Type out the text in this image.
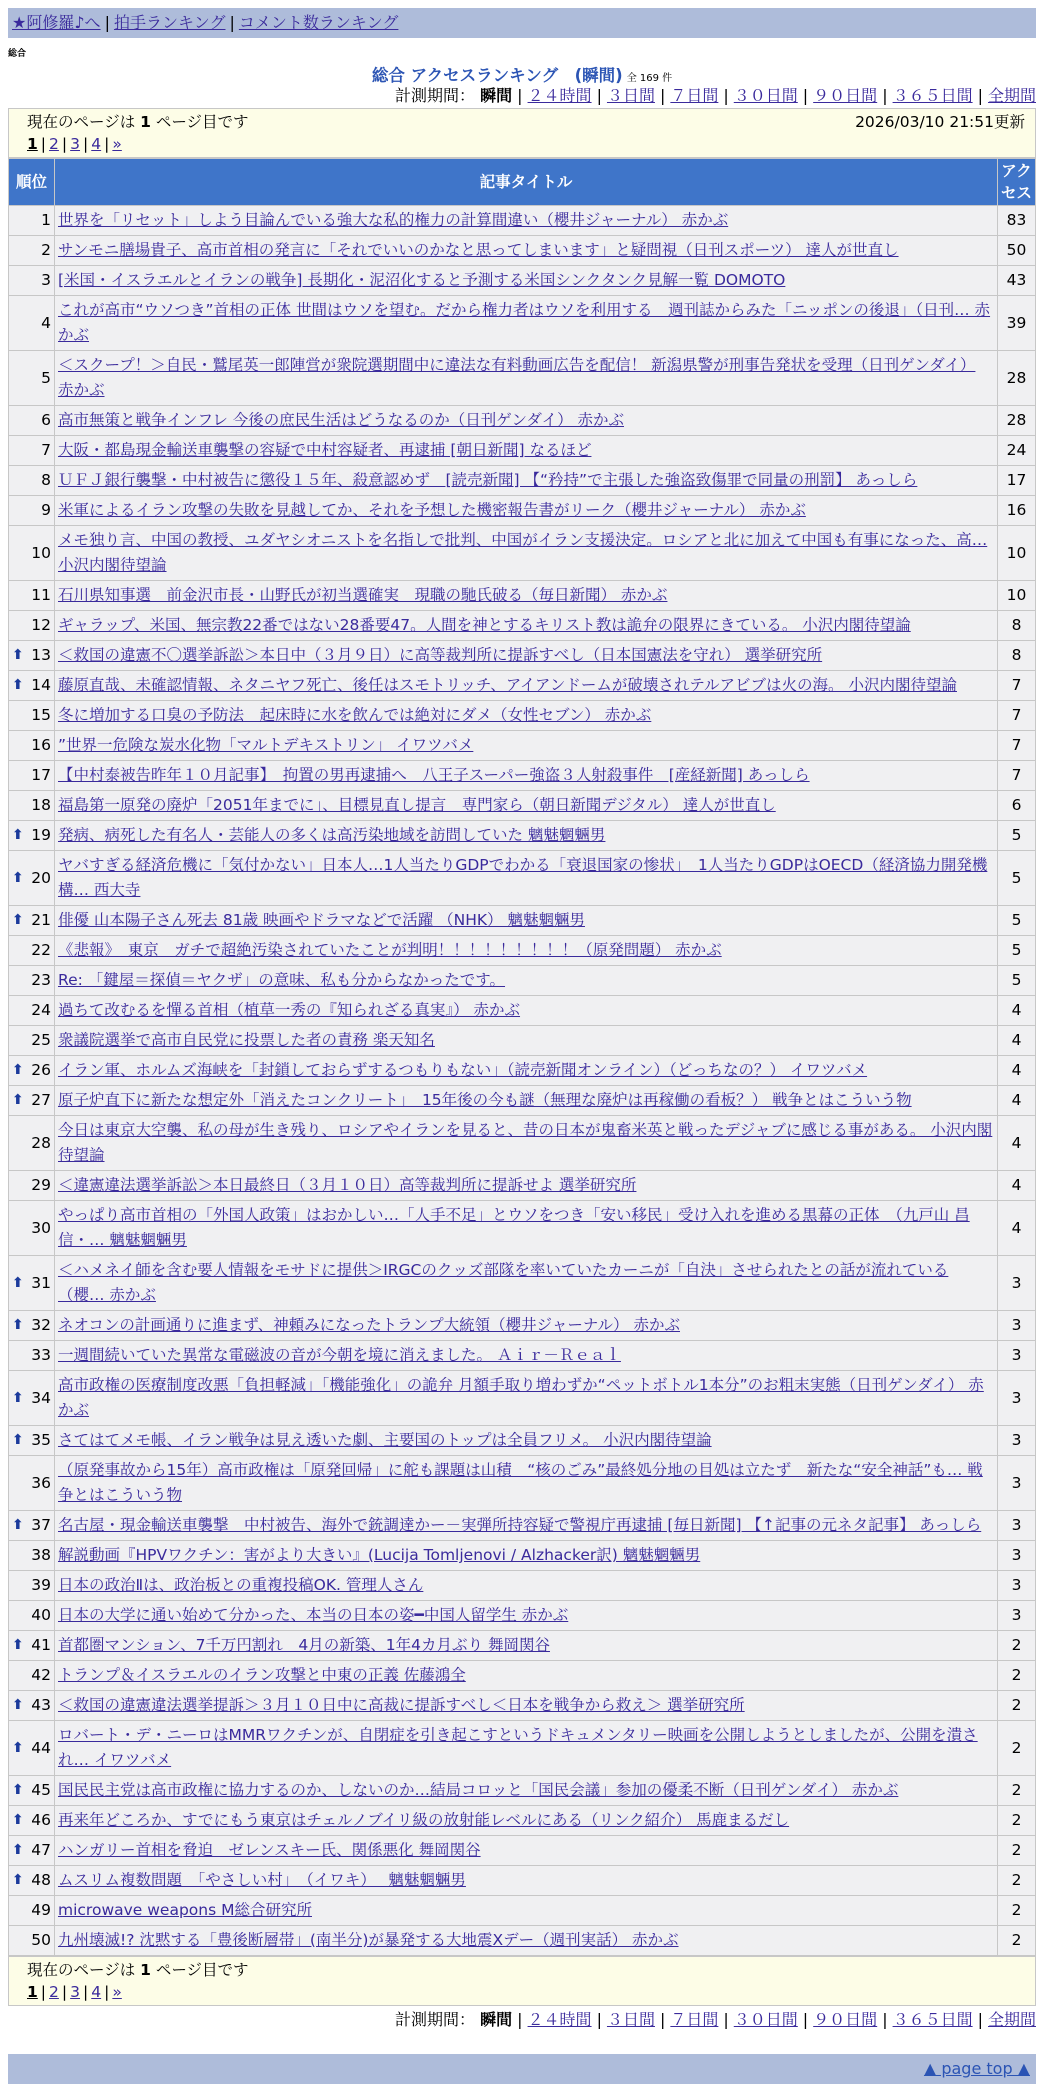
★阿修羅♪へ | 拍手ランキング | コメント数ランキング
総合
総合 アクセスランキング　(瞬間) 全 169 件
計測期間： 瞬間 | ２４時間 | ３日間 | ７日間 | ３０日間 | ９０日間 | ３６５日間 | 全期間
現在のページは 1 ページ目です	2026/03/10 21:51更新
1 | 2 | 3 | 4 | »
順位	記事タイトル	アクセス
1	世界を「リセット」しよう目論んでいる強大な私的権力の計算間違い（櫻井ジャーナル） 赤かぶ	83
2	サンモニ膳場貴子、高市首相の発言に「それでいいのかなと思ってしまいます」と疑問視（日刊スポーツ） 達人が世直し	50
3	[米国・イスラエルとイランの戦争] 長期化・泥沼化すると予測する米国シンクタンク見解一覧 DOMOTO	43
4	これが高市“ウソつき”首相の正体 世間はウソを望む。だから権力者はウソを利用する　週刊誌からみた「ニッポンの後退」（日刊… 赤かぶ	39
5	＜スクープ！＞自民・鷲尾英一郎陣営が衆院選期間中に違法な有料動画広告を配信！ 新潟県警が刑事告発状を受理（日刊ゲンダイ） 赤かぶ	28
6	高市無策と戦争インフレ 今後の庶民生活はどうなるのか（日刊ゲンダイ） 赤かぶ	28
7	大阪・都島現金輸送車襲撃の容疑で中村容疑者、再逮捕 [朝日新聞] なるほど	24
8	ＵＦＪ銀行襲撃・中村被告に懲役１５年、殺意認めず　[読売新聞] 【“矜持”で主張した強盗致傷罪で同量の刑罰】 あっしら	17
9	米軍によるイラン攻撃の失敗を見越してか、それを予想した機密報告書がリーク（櫻井ジャーナル） 赤かぶ	16
10	メモ独り言、中国の教授、ユダヤシオニストを名指しで批判、中国がイラン支援決定。ロシアと北に加えて中国も有事になった、高… 小沢内閣待望論	10
11	石川県知事選　前金沢市長・山野氏が初当選確実　現職の馳氏破る（毎日新聞） 赤かぶ	10
12	ギャラップ、米国、無宗教22番ではない28番要47。人間を神とするキリスト教は詭弁の限界にきている。 小沢内閣待望論	8

⬆ 13	＜救国の違憲不〇選挙訴訟＞本日中（３月９日）に高等裁判所に提訴すべし（日本国憲法を守れ） 選挙研究所	8

⬆ 14	藤原直哉、未確認情報、ネタニヤフ死亡、後任はスモトリッチ、アイアンドームが破壊されテルアビブは火の海。 小沢内閣待望論	7
15	冬に増加する口臭の予防法　起床時に水を飲んでは絶対にダメ（女性セブン） 赤かぶ	7
16	”世界一危険な炭水化物「マルトデキストリン」 イワツバメ	7
17	【中村泰被告昨年１０月記事】　拘置の男再逮捕へ　八王子スーパー強盗３人射殺事件　[産経新聞] あっしら	7
18	福島第一原発の廃炉「2051年までに」、目標見直し提言　専門家ら（朝日新聞デジタル） 達人が世直し	6

⬆ 19	発病、病死した有名人・芸能人の多くは高汚染地域を訪問していた 魑魅魍魎男	5

⬆ 20	ヤバすぎる経済危機に「気付かない」日本人…1人当たりGDPでわかる「衰退国家の惨状」　1人当たりGDPはOECD（経済協力開発機構… 西大寺	5

⬆ 21	俳優 山本陽子さん死去 81歳 映画やドラマなどで活躍 （NHK） 魑魅魍魎男	5
22	《悲報》　東京　ガチで超絶汚染されていたことが判明！！！！！！！！！（原発問題） 赤かぶ	5
23	Re: 「鍵屋＝探偵＝ヤクザ」の意味、私も分からなかったです。	5
24	過ちて改むるを憚る首相（植草一秀の『知られざる真実』） 赤かぶ	4
25	衆議院選挙で高市自民党に投票した者の責務 楽天知名	4

⬆ 26	イラン軍、ホルムズ海峡を「封鎖しておらずするつもりもない」（読売新聞オンライン）（どっちなの？） イワツバメ	4

⬆ 27	原子炉直下に新たな想定外「消えたコンクリート」　15年後の今も謎（無理な廃炉は再稼働の看板？） 戦争とはこういう物	4
28	今日は東京大空襲、私の母が生き残り、ロシアやイランを見ると、昔の日本が鬼畜米英と戦ったデジャブに感じる事がある。 小沢内閣待望論	4
29	＜違憲違法選挙訴訟＞本日最終日（３月１０日）高等裁判所に提訴せよ 選挙研究所	4
30	やっぱり高市首相の「外国人政策」はおかしい…「人手不足」とウソをつき「安い移民」受け入れを進める黒幕の正体　（九戸山 昌信・… 魑魅魍魎男	4

⬆ 31	＜ハメネイ師を含む要人情報をモサドに提供＞IRGCのクッズ部隊を率いていたカーニが「自決」させられたとの話が流れている（櫻… 赤かぶ	3

⬆ 32	ネオコンの計画通りに進まず、神頼みになったトランプ大統領（櫻井ジャーナル） 赤かぶ	3
33	一週間続いていた異常な電磁波の音が今朝を境に消えました。 Ａｉｒ－Ｒｅａｌ	3

⬆ 34	高市政権の医療制度改悪「負担軽減」「機能強化」の詭弁 月額手取り増わずか“ペットボトル1本分”のお粗末実態（日刊ゲンダイ） 赤かぶ	3

⬆ 35	さてはてメモ帳、イラン戦争は見え透いた劇、主要国のトップは全員フリメ。 小沢内閣待望論	3
36	（原発事故から15年）高市政権は「原発回帰」に舵も課題は山積　“核のごみ”最終処分地の目処は立たず　新たな“安全神話”も… 戦争とはこういう物	3

⬆ 37	名古屋・現金輸送車襲撃　中村被告、海外で銃調達かー－実弾所持容疑で警視庁再逮捕 [毎日新聞] 【↑記事の元ネタ記事】 あっしら	3
38	解説動画『HPVワクチン：害がより大きい』(Lucija Tomljenovi / Alzhacker訳) 魑魅魍魎男	3
39	日本の政治Ⅱは、政治板との重複投稿OK. 管理人さん	3
40	日本の大学に通い始めて分かった、本当の日本の姿━中国人留学生 赤かぶ	3

⬆ 41	首都圏マンション、7千万円割れ　4月の新築、1年4カ月ぶり 舞岡関谷	2
42	トランプ＆イスラエルのイラン攻撃と中東の正義 佐藤鴻全	2

⬆ 43	＜救国の違憲違法選挙提訴＞３月１０日中に高裁に提訴すべし＜日本を戦争から救え＞ 選挙研究所	2

⬆ 44	ロバート・デ・ニーロはMMRワクチンが、自閉症を引き起こすというドキュメンタリー映画を公開しようとしましたが、公開を潰され… イワツバメ	2

⬆ 45	国民民主党は高市政権に協力するのか、しないのか…結局コロッと「国民会議」参加の優柔不断（日刊ゲンダイ） 赤かぶ	2

⬆ 46	再来年どころか、すでにもう東京はチェルノブイリ級の放射能レベルにある（リンク紹介） 馬鹿まるだし	2

⬆ 47	ハンガリー首相を脅迫　ゼレンスキー氏、関係悪化 舞岡関谷	2

⬆ 48	ムスリム複数問題　「やさしい村」　（イワキ）　 魑魅魍魎男	2
49	microwave weapons M総合研究所	2
50	九州壊滅!? 沈黙する「豊後断層帯」(南半分)が暴発する大地震Xデー（週刊実話） 赤かぶ	2
現在のページは 1 ページ目です
1 | 2 | 3 | 4 | »
計測期間： 瞬間 | ２４時間 | ３日間 | ７日間 | ３０日間 | ９０日間 | ３６５日間 | 全期間
▲ page top ▲
